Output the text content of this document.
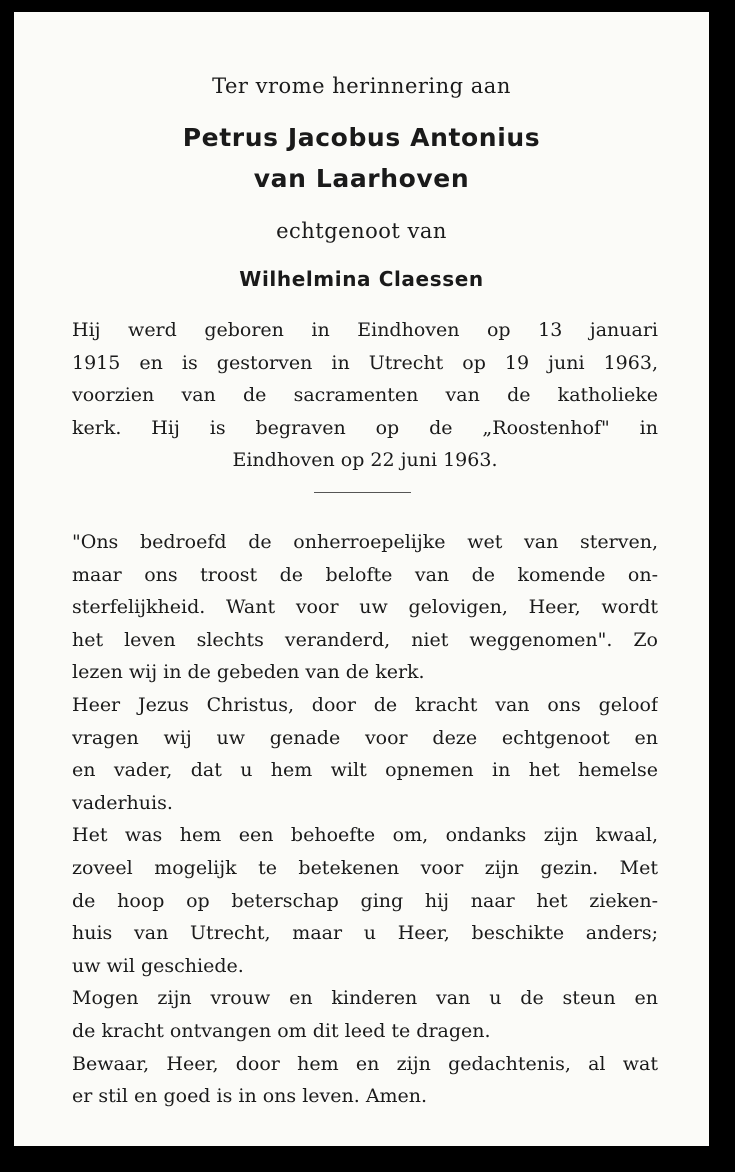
Ter vrome herinnering aan
Petrus Jacobus Antonius
van Laarhoven
echtgenoot van
Wilhelmina Claessen
Hij werd geboren in Eindhoven op 13 januari
1915 en is gestorven in Utrecht op 19 juni 1963,
voorzien van de sacramenten van de katholieke
kerk. Hij is begraven op de „Roostenhof" in
Eindhoven op 22 juni 1963.
"Ons bedroefd de onherroepelijke wet van sterven,
maar ons troost de belofte van de komende on-
sterfelijkheid. Want voor uw gelovigen, Heer, wordt
het leven slechts veranderd, niet weggenomen". Zo
lezen wij in de gebeden van de kerk.
Heer Jezus Christus, door de kracht van ons geloof
vragen wij uw genade voor deze echtgenoot en
en vader, dat u hem wilt opnemen in het hemelse
vaderhuis.
Het was hem een behoefte om, ondanks zijn kwaal,
zoveel mogelijk te betekenen voor zijn gezin. Met
de hoop op beterschap ging hij naar het zieken-
huis van Utrecht, maar u Heer, beschikte anders;
uw wil geschiede.
Mogen zijn vrouw en kinderen van u de steun en
de kracht ontvangen om dit leed te dragen.
Bewaar, Heer, door hem en zijn gedachtenis, al wat
er stil en goed is in ons leven. Amen.
